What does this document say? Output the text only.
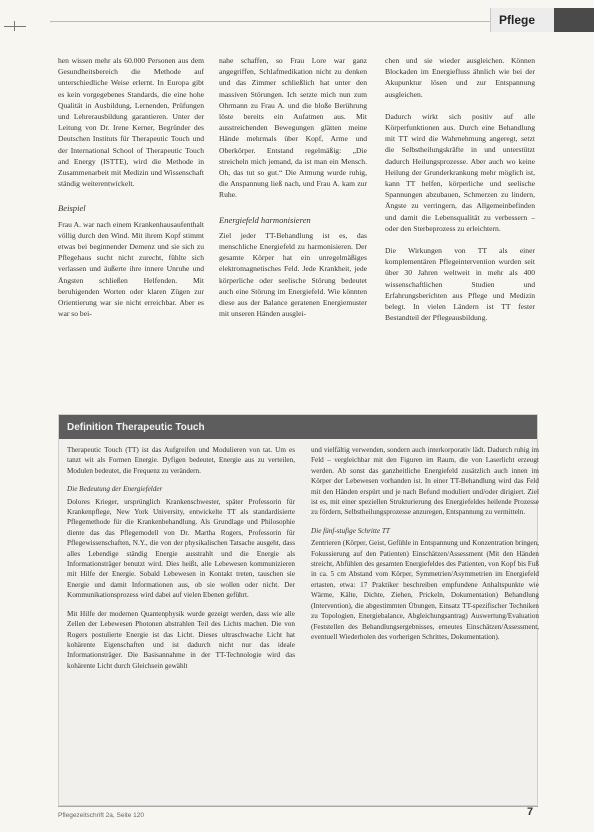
Pflege

hen wissen mehr als 60.000 Personen aus dem Gesundheitsbereich die Methode auf unterschiedliche Weise erlernt. In Europa gibt es kein vorgegebenes Standards, die eine hohe Qualität in Ausbildung, Lernenden, Prüfungen und Lehrerausbildung garantieren. Unter der Leitung von Dr. Irene Kerner, Begründer des Deutschen Instituts für Therapeutic Touch und der International School of Therapeutic Touch and Energy (ISTTE), wird die Methode in Zusammenarbeit mit Medizin und Wissenschaft ständig weiterentwickelt.

Beispiel

Frau A. war nach einem Krankenhausaufenthalt völlig durch den Wind. Mit ihrem Kopf stimmt etwas bei beginnender Demenz und sie sich zu Pflegehaus sucht nicht zurecht, fühlte sich verlassen und äußerte ihre innere Unruhe und Ängsten schließen Helfenden. Mit beruhigenden Worten oder klaren Zügen zur Orientierung war sie nicht erreichbar. Aber es war so bei-

nahe schaffen, so Frau Lore war ganz angegriffen, Schlafmedikation nicht zu denken und das Zimmer schließlich hat unter den massiven Störungen. Ich setzte mich nun zum Ohrmann zu Frau A. und die bloße Berührung löste bereits ein Aufatmen aus. Mit ausstreichenden Bewegungen glätten meine Hände mehrmals über Kopf, Arme und Oberkörper. Entstand regelmäßig: „Die streicheln mich jemand, da ist man ein Mensch. Oh, das tut so gut.“ Die Atmung wurde ruhig, die Anspannung ließ nach, und Frau A. kam zur Ruhe.

Energiefeld harmonisieren

Ziel jeder TT-Behandlung ist es, das menschliche Energiefeld zu harmonisieren. Der gesamte Körper hat ein unregelmäßiges elektromagnetisches Feld. Jede Krankheit, jede körperliche oder seelische Störung bedeutet auch eine Störung im Energiefeld. Wie könnten diese aus der Balance geratenen Energiemuster mit unseren Händen ausglei-

chen und sie wieder ausgleichen. Können Blockaden im Energiefluss ähnlich wie bei der Akupunktur lösen und zur Entspannung ausgleichen.

Dadurch wirkt sich positiv auf alle Körperfunktionen aus. Durch eine Behandlung mit TT wird die Wahrnehmung angeregt, setzt die Selbstheilungskräfte in und unterstützt dadurch Heilungsprozesse. Aber auch wo keine Heilung der Grunderkrankung mehr möglich ist, kann TT helfen, körperliche und seelische Spannungen abzubauen, Schmerzen zu lindern, Ängste zu verringern, das Allgemeinbefinden und damit die Lebensqualität zu verbessern – oder den Sterbeprozess zu erleichtern.

Die Wirkungen von TT als einer komplementären Pflegeintervention wurden seit über 30 Jahren weltweit in mehr als 400 wissenschaftlichen Studien und Erfahrungsberichten aus Pflege und Medizin belegt. In vielen Ländern ist TT fester Bestandteil der Pflegeausbildung.

Definition Therapeutic Touch

Therapeutic Touch (TT) ist das Aufgreifen und Modulieren von tat. Um es tanzt wit als Formen Energie. Dyfigen bedeutet, Energie aus zu verteilen, Modulen bedeutet, die Frequenz zu verändern.

Die Bedeutung der Energiefelder

Dolores Krieger, ursprünglich Krankenschwester, später Professorin für Krankenpflege, New York University, entwickelte TT als standardisierte Pflegemethode für die Krankenbehandlung. Als Grundlage und Philosophie diente das das Pflegemodell von Dr. Martha Rogers, Professorin für Pflegewissenschaften, N.Y., die von der physikalischen Tatsache ausgeht, dass alles Lebendige ständig Energie ausstrahlt und die Energie als Informationsträger benutzt wird. Dies heißt, alle Lebewesen kommunizieren mit Hilfe der Energie. Sobald Lebewesen in Kontakt treten, tauschen sie Energie und damit Informationen aus, ob sie wollen oder nicht. Der Kommunikationsprozess wird dabei auf vielen Ebenen geführt.

Mit Hilfe der modernen Quantenphysik wurde gezeigt werden, dass wie alle Zellen der Lebewesen Photonen abstrahlen Teil des Lichts machen. Die von Rogers postulierte Energie ist das Licht. Dieses ultraschwache Licht hat kohärente Eigenschaften und ist dadurch nicht nur das ideale Informationsträger. Die Basisannahme in der TT-Technologie wird das kohärente Licht durch Gleichsein gewählt

und vielfältig verwenden, sondern auch interkorporativ lädt. Dadurch ruhig im Feld – vergleichbar mit den Figuren im Raum, die von Laserlicht erzeugt werden. Ab sonst das ganzheitliche Energiefeld zusätzlich auch innen im Körper der Lebewesen vorhanden ist. In einer TT-Behandlung wird das Feld mit den Händen erspürt und je nach Befund moduliert und/oder dirigiert. Ziel ist es, mit einer speziellen Strukturierung des Energiefeldes heilende Prozesse zu fördern, Selbstheilungsprozesse anzuregen, Entspannung zu vermitteln.

Die fünf-stufige Schritte TT

Zentrieren (Körper, Geist, Gefühle in Entspannung und Konzentration bringen, Fokussierung auf den Patienten) Einschätzen/Assessment (Mit den Händen streicht, Abfühlen des gesamten Energiefeldes des Patienten, von Kopf bis Fuß in ca. 5 cm Abstand vom Körper, Symmetrien/Asymmetrien im Energiefeld ertasten, etwa: 17 Praktiker beschreiben empfundene Anhaltspunkte wie Wärme, Kälte, Dichte, Ziehen, Prickeln, Dokumentation) Behandlung (Intervention), die abgestimmten Übungen, Einsatz TT-spezifischer Techniken zu Topologien, Energiebalance, Abgleichungsantrag) Auswertung/Evaluation (Feststellen des Behandlungsergebnisses, erneutes Einschätzen/Assessment, eventuell Wiederholen des vorherigen Schrittes, Dokumentation).

Pflegezeitschrift 2a, Seite 120	7
